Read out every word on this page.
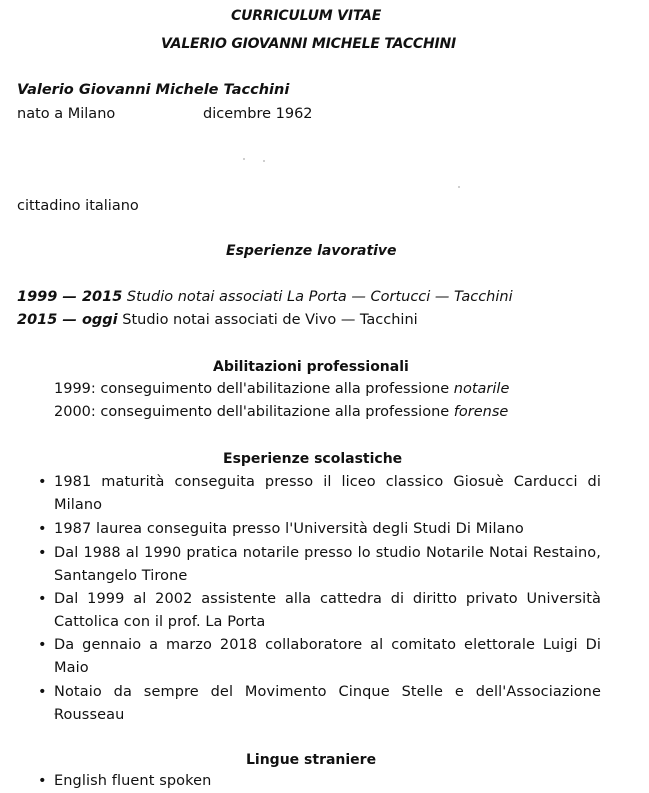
CURRICULUM VITAE
VALERIO GIOVANNI MICHELE TACCHINI
Valerio Giovanni Michele Tacchini
nato a Milano	dicembre 1962
cittadino italiano
Esperienze lavorative
1999 — 2015 Studio notai associati La Porta — Cortucci — Tacchini
2015 — oggi Studio notai associati de Vivo — Tacchini
Abilitazioni professionali
1999: conseguimento dell'abilitazione alla professione notarile
2000: conseguimento dell'abilitazione alla professione forense
Esperienze scolastiche
• 1981 maturità conseguita presso il liceo classico Giosuè Carducci di Milano
• 1987 laurea conseguita presso l'Università degli Studi Di Milano
• Dal 1988 al 1990 pratica notarile presso lo studio Notarile Notai Restaino, Santangelo Tirone
• Dal 1999 al 2002 assistente alla cattedra di diritto privato Università Cattolica con il prof. La Porta
• Da gennaio a marzo 2018 collaboratore al comitato elettorale Luigi Di Maio
• Notaio da sempre del Movimento Cinque Stelle e dell'Associazione Rousseau
Lingue straniere
• English fluent spoken
